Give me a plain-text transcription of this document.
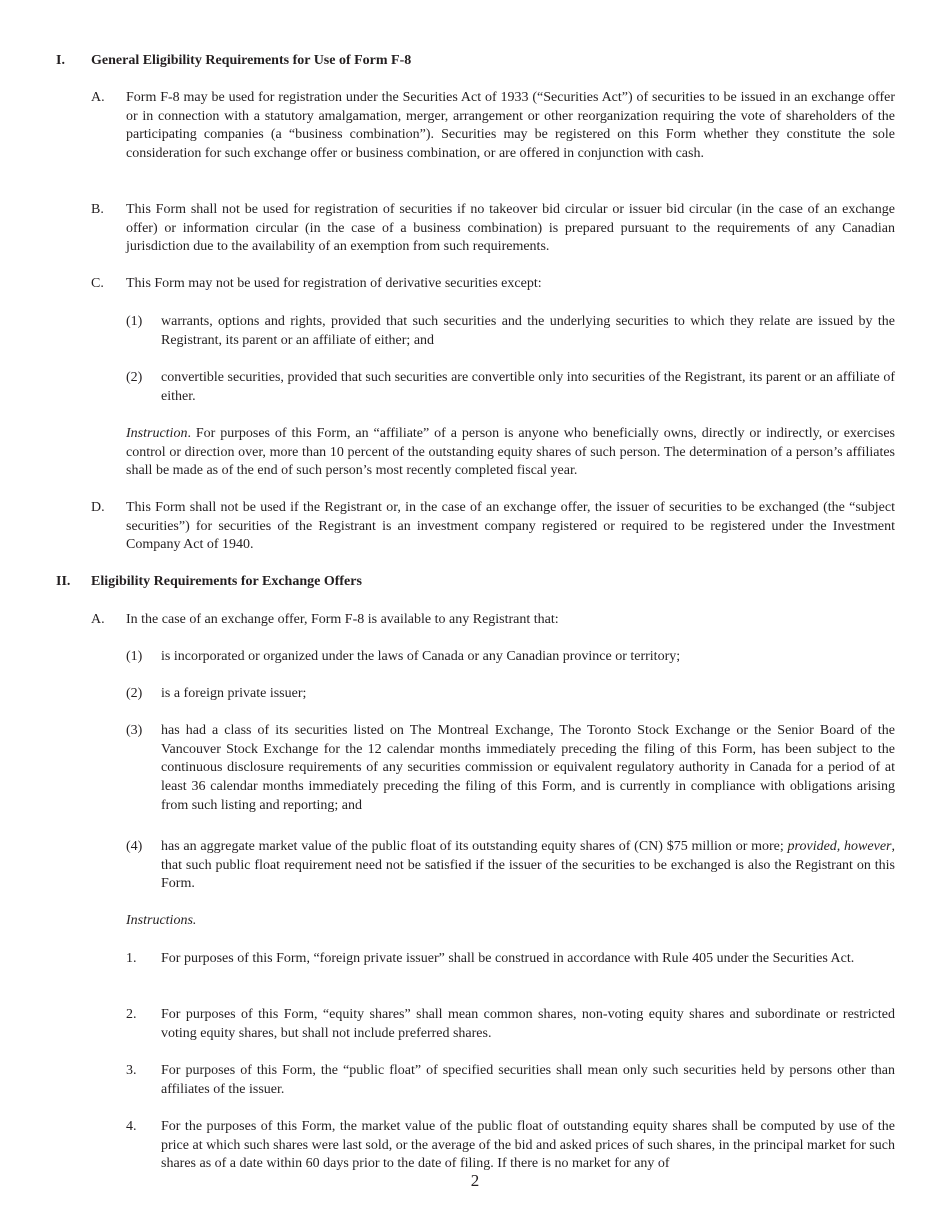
I. General Eligibility Requirements for Use of Form F-8
A. Form F-8 may be used for registration under the Securities Act of 1933 (“Securities Act”) of securities to be issued in an exchange offer or in connection with a statutory amalgamation, merger, arrangement or other reorganization requiring the vote of shareholders of the participating companies (a “business combination”). Securities may be registered on this Form whether they constitute the sole consideration for such exchange offer or business combination, or are offered in conjunction with cash.
B. This Form shall not be used for registration of securities if no takeover bid circular or issuer bid circular (in the case of an exchange offer) or information circular (in the case of a business combination) is prepared pursuant to the requirements of any Canadian jurisdiction due to the availability of an exemption from such requirements.
C. This Form may not be used for registration of derivative securities except:
(1) warrants, options and rights, provided that such securities and the underlying securities to which they relate are issued by the Registrant, its parent or an affiliate of either; and
(2) convertible securities, provided that such securities are convertible only into securities of the Registrant, its parent or an affiliate of either.
Instruction. For purposes of this Form, an “affiliate” of a person is anyone who beneficially owns, directly or indirectly, or exercises control or direction over, more than 10 percent of the outstanding equity shares of such person. The determination of a person’s affiliates shall be made as of the end of such person’s most recently completed fiscal year.
D. This Form shall not be used if the Registrant or, in the case of an exchange offer, the issuer of securities to be exchanged (the “subject securities”) for securities of the Registrant is an investment company registered or required to be registered under the Investment Company Act of 1940.
II. Eligibility Requirements for Exchange Offers
A. In the case of an exchange offer, Form F-8 is available to any Registrant that:
(1) is incorporated or organized under the laws of Canada or any Canadian province or territory;
(2) is a foreign private issuer;
(3) has had a class of its securities listed on The Montreal Exchange, The Toronto Stock Exchange or the Senior Board of the Vancouver Stock Exchange for the 12 calendar months immediately preceding the filing of this Form, has been subject to the continuous disclosure requirements of any securities commission or equivalent regulatory authority in Canada for a period of at least 36 calendar months immediately preceding the filing of this Form, and is currently in compliance with obligations arising from such listing and reporting; and
(4) has an aggregate market value of the public float of its outstanding equity shares of (CN) $75 million or more; provided, however, that such public float requirement need not be satisfied if the issuer of the securities to be exchanged is also the Registrant on this Form.
Instructions.
1. For purposes of this Form, “foreign private issuer” shall be construed in accordance with Rule 405 under the Securities Act.
2. For purposes of this Form, “equity shares” shall mean common shares, non-voting equity shares and subordinate or restricted voting equity shares, but shall not include preferred shares.
3. For purposes of this Form, the “public float” of specified securities shall mean only such securities held by persons other than affiliates of the issuer.
4. For the purposes of this Form, the market value of the public float of outstanding equity shares shall be computed by use of the price at which such shares were last sold, or the average of the bid and asked prices of such shares, in the principal market for such shares as of a date within 60 days prior to the date of filing. If there is no market for any of
2
